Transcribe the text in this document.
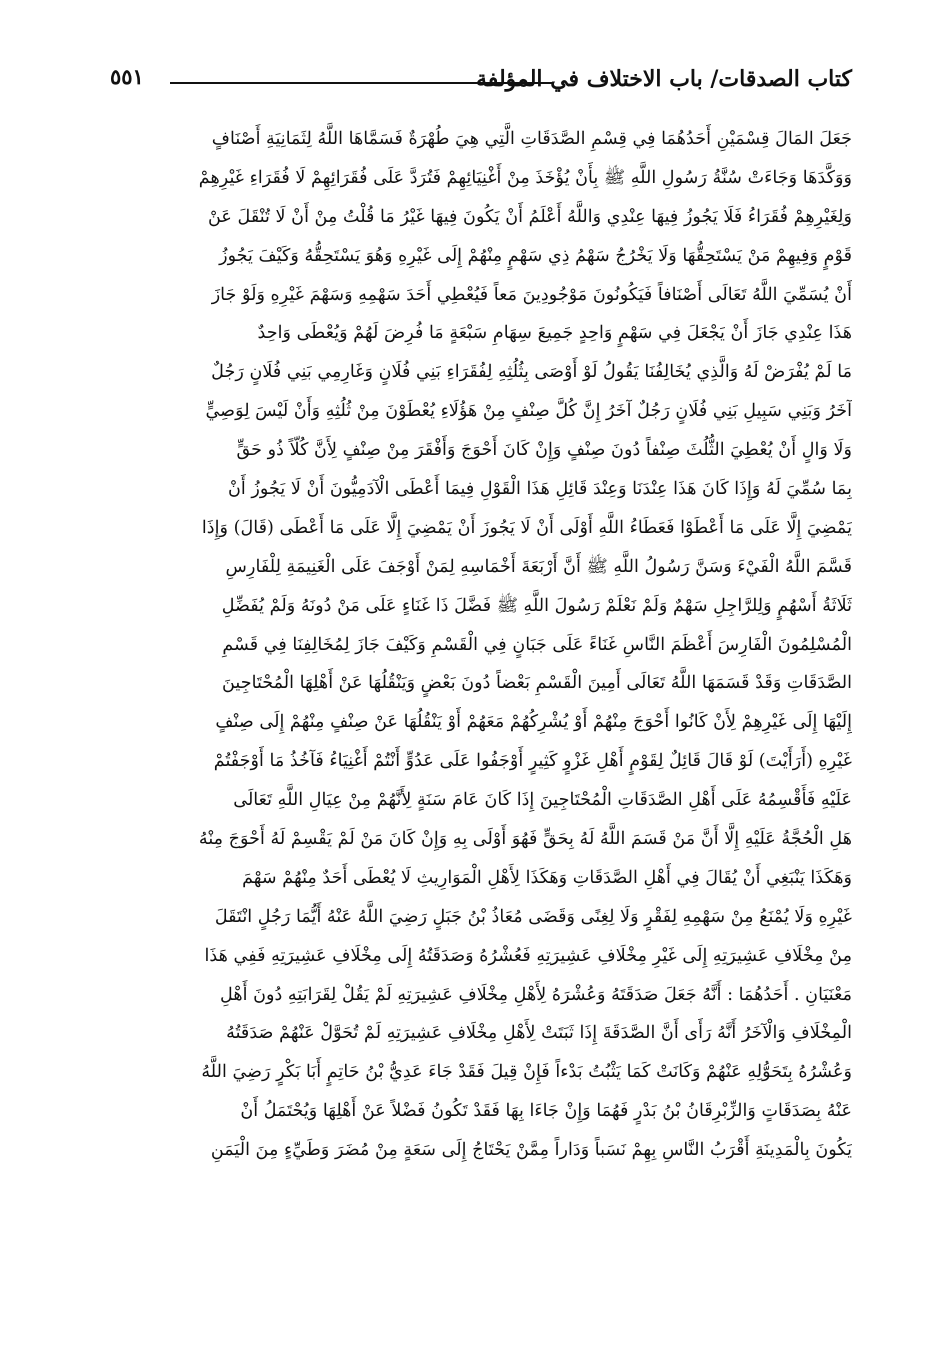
كتاب الصدقات/ باب الاختلاف في المؤلفة
٥٥١
جَعَلَ المَالَ قِسْمَيْنِ أَحَدُهُمَا فِي قِسْمِ الصَّدَقَاتِ الَّتِي هِيَ طُهْرَةٌ فَسَمَّاهَا اللَّهُ لِثَمَانِيَةِ أَصْنَافٍ
وَوَكَّدَهَا وَجَاءَتْ سُنَّةُ رَسُولِ اللَّهِ ﷺ بِأَنْ يُؤْخَذَ مِنْ أَغْنِيَائِهِمْ فَتُرَدَّ عَلَى فُقَرَائِهِمْ لَا فُقَرَاءِ غَيْرِهِمْ
وَلِغَيْرِهِمْ فُقَرَاءُ فَلَا يَجُوزُ فِيهَا عِنْدِي وَاللَّهُ أَعْلَمُ أَنْ يَكُونَ فِيهَا غَيْرُ مَا قُلْتُ مِنْ أَنْ لَا تُنْقَلَ عَنْ
قَوْمٍ وَفِيهِمْ مَنْ يَسْتَحِقُّهَا وَلَا يَخْرُجُ سَهْمُ ذِي سَهْمٍ مِنْهُمْ إِلَى غَيْرِهِ وَهُوَ يَسْتَحِقُّهُ وَكَيْفَ يَجُوزُ
أَنْ يُسَمِّيَ اللَّهُ تَعَالَى أَصْنَافاً فَيَكُونُونَ مَوْجُودِينَ مَعاً فَيُعْطِي أَحَدَ سَهْمِهِ وَسَهْمَ غَيْرِهِ وَلَوْ جَازَ
هَذَا عِنْدِي جَازَ أَنْ يَجْعَلَ فِي سَهْمٍ وَاحِدٍ جَمِيعَ سِهَامِ سَبْعَةٍ مَا فُرِضَ لَهُمْ وَيُعْطَى وَاحِدٌ
مَا لَمْ يُفْرَضْ لَهُ وَالَّذِي يُخَالِفُنَا يَقُولُ لَوْ أَوْصَى بِثُلُثِهِ لِفُقَرَاءِ بَنِي فُلَانٍ وَغَارِمِي بَنِي فُلَانٍ رَجُلٌ
آخَرُ وَبَنِي سَبِيلِ بَنِي فُلَانٍ رَجُلٌ آخَرُ إِنَّ كُلَّ صِنْفٍ مِنْ هَؤُلَاءِ يُعْطَوْنَ مِنْ ثُلُثِهِ وَأَنْ لَيْسَ لِوَصِيٍّ
وَلَا وَالٍ أَنْ يُعْطِيَ الثُّلُثَ صِنْفاً دُونَ صِنْفٍ وَإِنْ كَانَ أَحْوَجَ وَأَفْقَرَ مِنْ صِنْفٍ لِأَنَّ كُلّاً ذُو حَقٍّ
بِمَا سُمِّيَ لَهُ وَإِذَا كَانَ هَذَا عِنْدَنَا وَعِنْدَ قَائِلِ هَذَا الْقَوْلِ فِيمَا أَعْطَى الْآدَمِيُّونَ أَنْ لَا يَجُوزُ أَنْ
يَمْضِيَ إِلَّا عَلَى مَا أَعْطَوْا فَعَطَاءُ اللَّهِ أَوْلَى أَنْ لَا يَجُوزَ أَنْ يَمْضِيَ إِلَّا عَلَى مَا أَعْطَى (قَالَ) وَإِذَا
قَسَّمَ اللَّهُ الْفَيْءَ وَسَنَّ رَسُولُ اللَّهِ ﷺ أَنَّ أَرْبَعَةَ أَخْمَاسِهِ لِمَنْ أَوْجَفَ عَلَى الْغَنِيمَةِ لِلْفَارِسِ
ثَلَاثَةُ أَسْهُمٍ وَلِلرَّاجِلِ سَهْمٌ وَلَمْ نَعْلَمْ رَسُولَ اللَّهِ ﷺ فَضَّلَ ذَا غَنَاءٍ عَلَى مَنْ دُونَهُ وَلَمْ يُفَضِّلِ
الْمُسْلِمُونَ الْفَارِسَ أَعْظَمَ النَّاسِ غَنَاءً عَلَى جَبَانٍ فِي الْقَسْمِ وَكَيْفَ جَازَ لِمُخَالِفِنَا فِي قَسْمِ
الصَّدَقَاتِ وَقَدْ قَسَمَهَا اللَّهُ تَعَالَى أَمِينَ الْقَسْمِ بَعْضاً دُونَ بَعْضٍ وَيَنْقُلُهَا عَنْ أَهْلِهَا الْمُحْتَاجِينَ
إِلَيْهَا إِلَى غَيْرِهِمْ لِأَنْ كَانُوا أَحْوَجَ مِنْهُمْ أَوْ يُشْرِكُهُمْ مَعَهُمْ أَوْ يَنْقُلُهَا عَنْ صِنْفٍ مِنْهُمْ إِلَى صِنْفٍ
غَيْرِهِ (أَرَأَيْتَ) لَوْ قَالَ قَائِلٌ لِقَوْمٍ أَهْلِ غَزْوٍ كَثِيرٍ أَوْجَفُوا عَلَى عَدُوٍّ أَنْتُمْ أَغْنِيَاءُ فَآخُذُ مَا أَوْجَفْتُمْ
عَلَيْهِ فَأَقْسِمُهُ عَلَى أَهْلِ الصَّدَقَاتِ الْمُحْتَاجِينَ إِذَا كَانَ عَامَ سَنَةٍ لِأَنَّهُمْ مِنْ عِيَالِ اللَّهِ تَعَالَى
هَلِ الْحُجَّةُ عَلَيْهِ إِلَّا أَنَّ مَنْ قَسَمَ اللَّهُ لَهُ بِحَقٍّ فَهُوَ أَوْلَى بِهِ وَإِنْ كَانَ مَنْ لَمْ يَقْسِمْ لَهُ أَحْوَجَ مِنْهُ
وَهَكَذَا يَنْبَغِي أَنْ يُقَالَ فِي أَهْلِ الصَّدَقَاتِ وَهَكَذَا لِأَهْلِ الْمَوَارِيثِ لَا يُعْطَى أَحَدٌ مِنْهُمْ سَهْمَ
غَيْرِهِ وَلَا يُمْنَعُ مِنْ سَهْمِهِ لِفَقْرٍ وَلَا لِغِنًى وَقَضَى مُعَاذُ بْنُ جَبَلٍ رَضِيَ اللَّهُ عَنْهُ أَيُّمَا رَجُلٍ انْتَقَلَ
مِنْ مِخْلَافِ عَشِيرَتِهِ إِلَى غَيْرِ مِخْلَافِ عَشِيرَتِهِ فَعُشْرُهُ وَصَدَقَتُهُ إِلَى مِخْلَافِ عَشِيرَتِهِ فَفِي هَذَا
مَعْنَيَانِ . أَحَدُهُمَا : أَنَّهُ جَعَلَ صَدَقَتَهُ وَعُشْرَهُ لِأَهْلِ مِخْلَافِ عَشِيرَتِهِ لَمْ يَقُلْ لِقَرَابَتِهِ دُونَ أَهْلِ
الْمِخْلَافِ وَالْآخَرُ أَنَّهُ رَأَى أَنَّ الصَّدَقَةَ إِذَا ثَبَتَتْ لِأَهْلِ مِخْلَافِ عَشِيرَتِهِ لَمْ تُحَوَّلْ عَنْهُمْ صَدَقَتُهُ
وَعُشْرُهُ بِتَحَوُّلِهِ عَنْهُمْ وَكَانَتْ كَمَا يَثْبُتُ بَدْءاً فَإِنْ قِيلَ فَقَدْ جَاءَ عَدِيُّ بْنُ حَاتِمٍ أَبَا بَكْرٍ رَضِيَ اللَّهُ
عَنْهُ بِصَدَقَاتٍ وَالزِّبْرِقَانُ بْنُ بَدْرٍ فَهُمَا وَإِنْ جَاءَا بِهَا فَقَدْ تَكُونُ فَضْلاً عَنْ أَهْلِهَا وَيُحْتَمَلُ أَنْ
يَكُونَ بِالْمَدِينَةِ أَقْرَبُ النَّاسِ بِهِمْ نَسَباً وَدَاراً مِمَّنْ يَحْتَاجُ إِلَى سَعَةٍ مِنْ مُضَرَ وَطَيِّءٍ مِنَ الْيَمَنِ
